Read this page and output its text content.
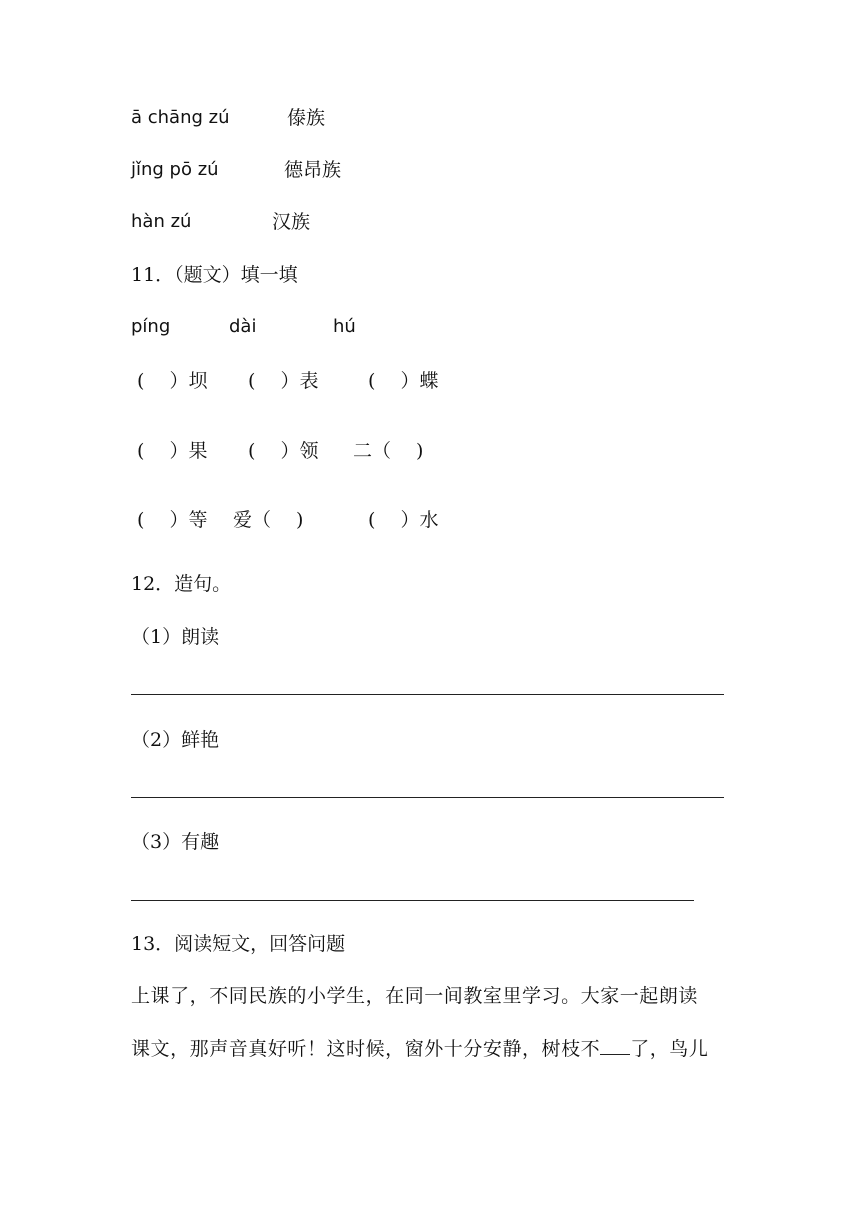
ā chāng zú	傣族
jǐng pō zú	德昂族
hàn zú	汉族
11．（题文）填一填
píng	dài	hú
(　 ）坝 (　 ）表	(　 ）蝶
(　 ）果 (　 ）领 二（　 )
(　 ）等 爱（　 )	(　 ）水
12．造句。
（1）朗读
（2）鲜艳
（3）有趣
13．阅读短文，回答问题
上课了，不同民族的小学生，在同一间教室里学习。大家一起朗读
课文，那声音真好听！这时候，窗外十分安静，树枝不 了，鸟儿
